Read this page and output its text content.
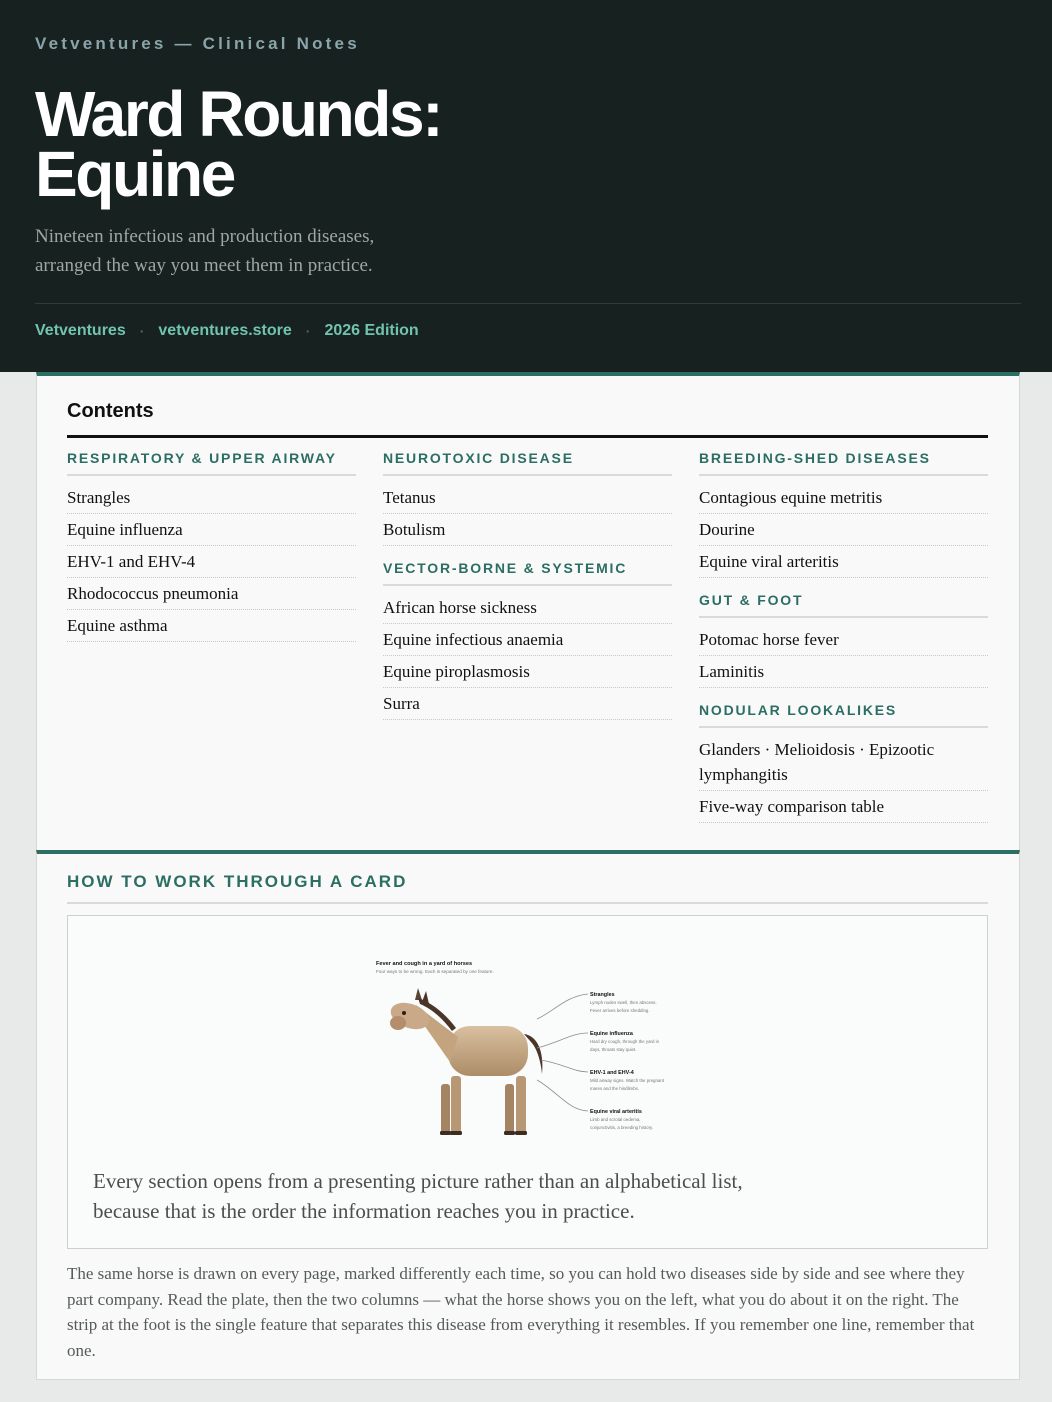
Vetventures — Clinical Notes
Ward Rounds:
Equine

Nineteen infectious and production diseases, arranged the way you meet them in practice.

Vetventures · vetventures.store · 2026 Edition
Contents
RESPIRATORY & UPPER AIRWAY
Strangles
Equine influenza
EHV-1 and EHV-4
Rhodococcus pneumonia
Equine asthma
NEUROTOXIC DISEASE
Tetanus
Botulism
VECTOR-BORNE & SYSTEMIC
African horse sickness
Equine infectious anaemia
Equine piroplasmosis
Surra
BREEDING-SHED DISEASES
Contagious equine metritis
Dourine
Equine viral arteritis
GUT & FOOT
Potomac horse fever
Laminitis
NODULAR LOOKALIKES
Glanders · Melioidosis · Epizootic lymphangitis
Five-way comparison table
HOW TO WORK THROUGH A CARD
Fever and cough in a yard of horses
Four ways to be wrong. Each is separated by one feature.
Strangles
Lymph nodes swell, then abscess.
Fever arrives before shedding.
Equine influenza
Hard dry cough, through the yard in
days, throats stay quiet.
EHV-1 and EHV-4
Mild airway signs. Watch the pregnant
mares and the hindlimbs.
Equine viral arteritis
Limb and scrotal oedema,
conjunctivitis, a breeding history.

Every section opens from a presenting picture rather than an alphabetical list, because that is the order the information reaches you in practice.

The same horse is drawn on every page, marked differently each time, so you can hold two diseases side by side and see where they part company. Read the plate, then the two columns — what the horse shows you on the left, what you do about it on the right. The strip at the foot is the single feature that separates this disease from everything it resembles. If you remember one line, remember that one.
